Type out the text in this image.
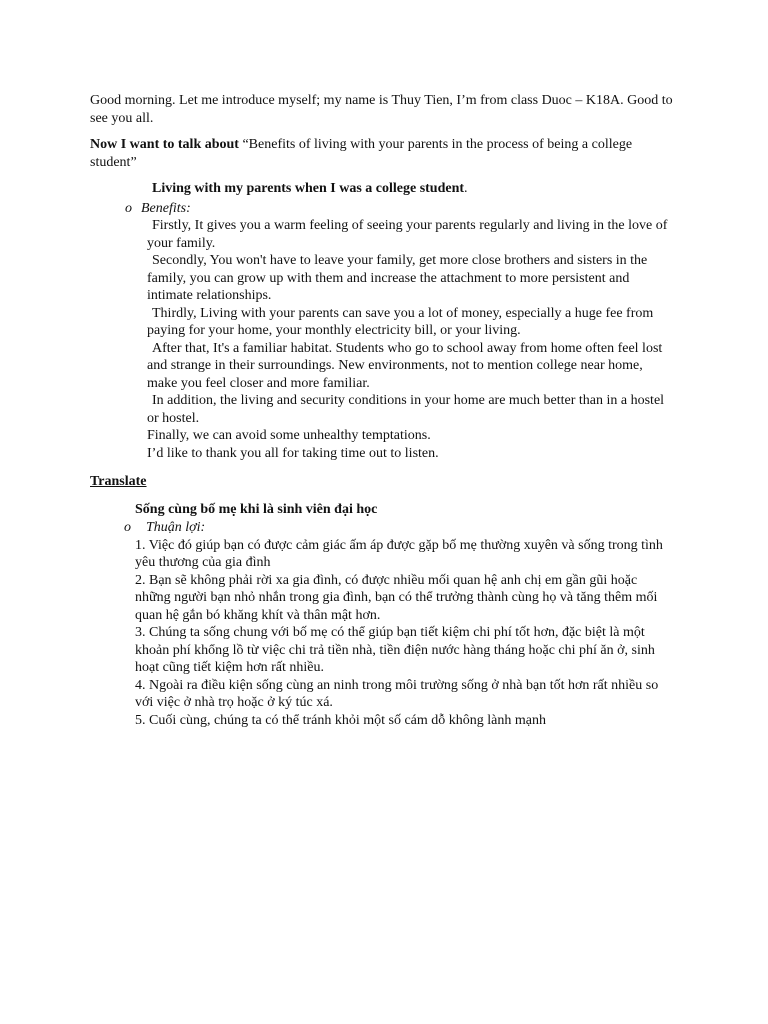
Good morning. Let me introduce myself; my name is Thuy Tien, I’m from class Duoc – K18A. Good to see you all.

Now I want to talk about “Benefits of living with your parents in the process of being a college student”

Living with my parents when I was a college student.

o Benefits:

Firstly, It gives you a warm feeling of seeing your parents regularly and living in the love of your family.

Secondly, You won't have to leave your family, get more close brothers and sisters in the family, you can grow up with them and increase the attachment to more persistent and intimate relationships.

Thirdly, Living with your parents can save you a lot of money, especially a huge fee from paying for your home, your monthly electricity bill, or your living.

After that, It's a familiar habitat. Students who go to school away from home often feel lost and strange in their surroundings. New environments, not to mention college near home, make you feel closer and more familiar.

In addition, the living and security conditions in your home are much better than in a hostel or hostel.

Finally, we can avoid some unhealthy temptations.

I’d like to thank you all for taking time out to listen.

Translate

Sống cùng bố mẹ khi là sinh viên đại học

o Thuận lợi:

1. Việc đó giúp bạn có được cảm giác ấm áp được gặp bố mẹ thường xuyên và sống trong tình yêu thương của gia đình

2. Bạn sẽ không phải rời xa gia đình, có được nhiều mối quan hệ anh chị em gần gũi hoặc những người bạn nhỏ nhắn trong gia đình, bạn có thể trưởng thành cùng họ và tăng thêm mối quan hệ gắn bó khăng khít và thân mật hơn.

3. Chúng ta sống chung với bố mẹ có thể giúp bạn tiết kiệm chi phí tốt hơn, đặc biệt là một khoản phí khổng lồ từ việc chi trả tiền nhà, tiền điện nước hàng tháng hoặc chi phí ăn ở, sinh hoạt cũng tiết kiệm hơn rất nhiều.

4. Ngoài ra điều kiện sống cùng an ninh trong môi trường sống ở nhà bạn tốt hơn rất nhiều so với việc ở nhà trọ hoặc ở ký túc xá.

5. Cuối cùng, chúng ta có thể tránh khỏi một số cám dỗ không lành mạnh
